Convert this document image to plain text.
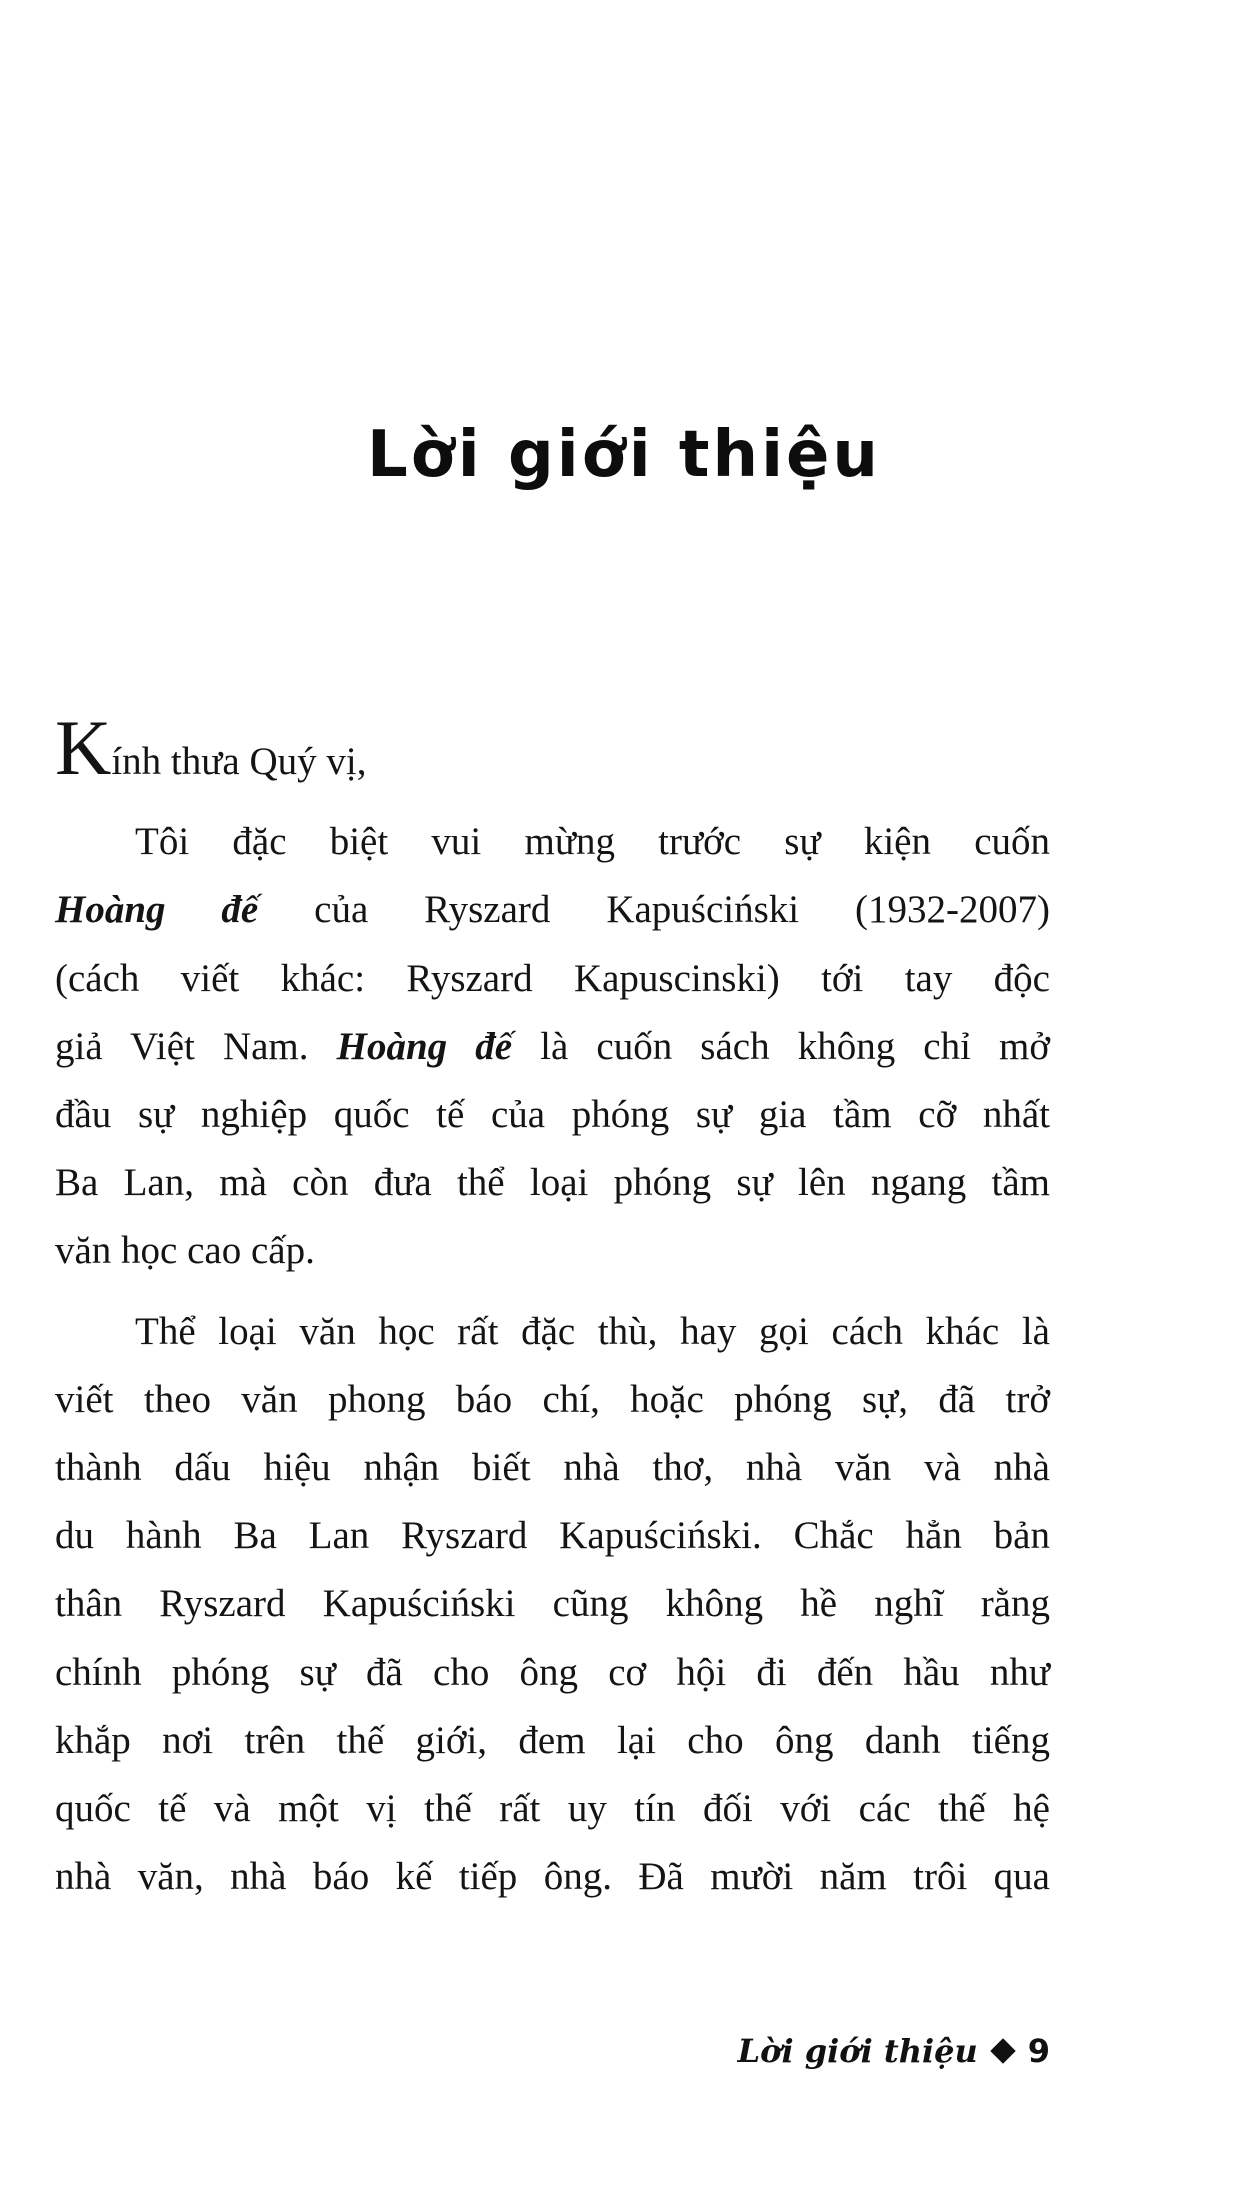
Lời giới thiệu

Kính thưa Quý vị,

Tôi đặc biệt vui mừng trước sự kiện cuốn
Hoàng đế của Ryszard Kapuściński (1932-2007)
(cách viết khác: Ryszard Kapuscinski) tới tay độc
giả Việt Nam. Hoàng đế là cuốn sách không chỉ mở
đầu sự nghiệp quốc tế của phóng sự gia tầm cỡ nhất
Ba Lan, mà còn đưa thể loại phóng sự lên ngang tầm
văn học cao cấp.

Thể loại văn học rất đặc thù, hay gọi cách khác là
viết theo văn phong báo chí, hoặc phóng sự, đã trở
thành dấu hiệu nhận biết nhà thơ, nhà văn và nhà
du hành Ba Lan Ryszard Kapuściński. Chắc hẳn bản
thân Ryszard Kapuściński cũng không hề nghĩ rằng
chính phóng sự đã cho ông cơ hội đi đến hầu như
khắp nơi trên thế giới, đem lại cho ông danh tiếng
quốc tế và một vị thế rất uy tín đối với các thế hệ
nhà văn, nhà báo kế tiếp ông. Đã mười năm trôi qua

Lời giới thiệu 9
